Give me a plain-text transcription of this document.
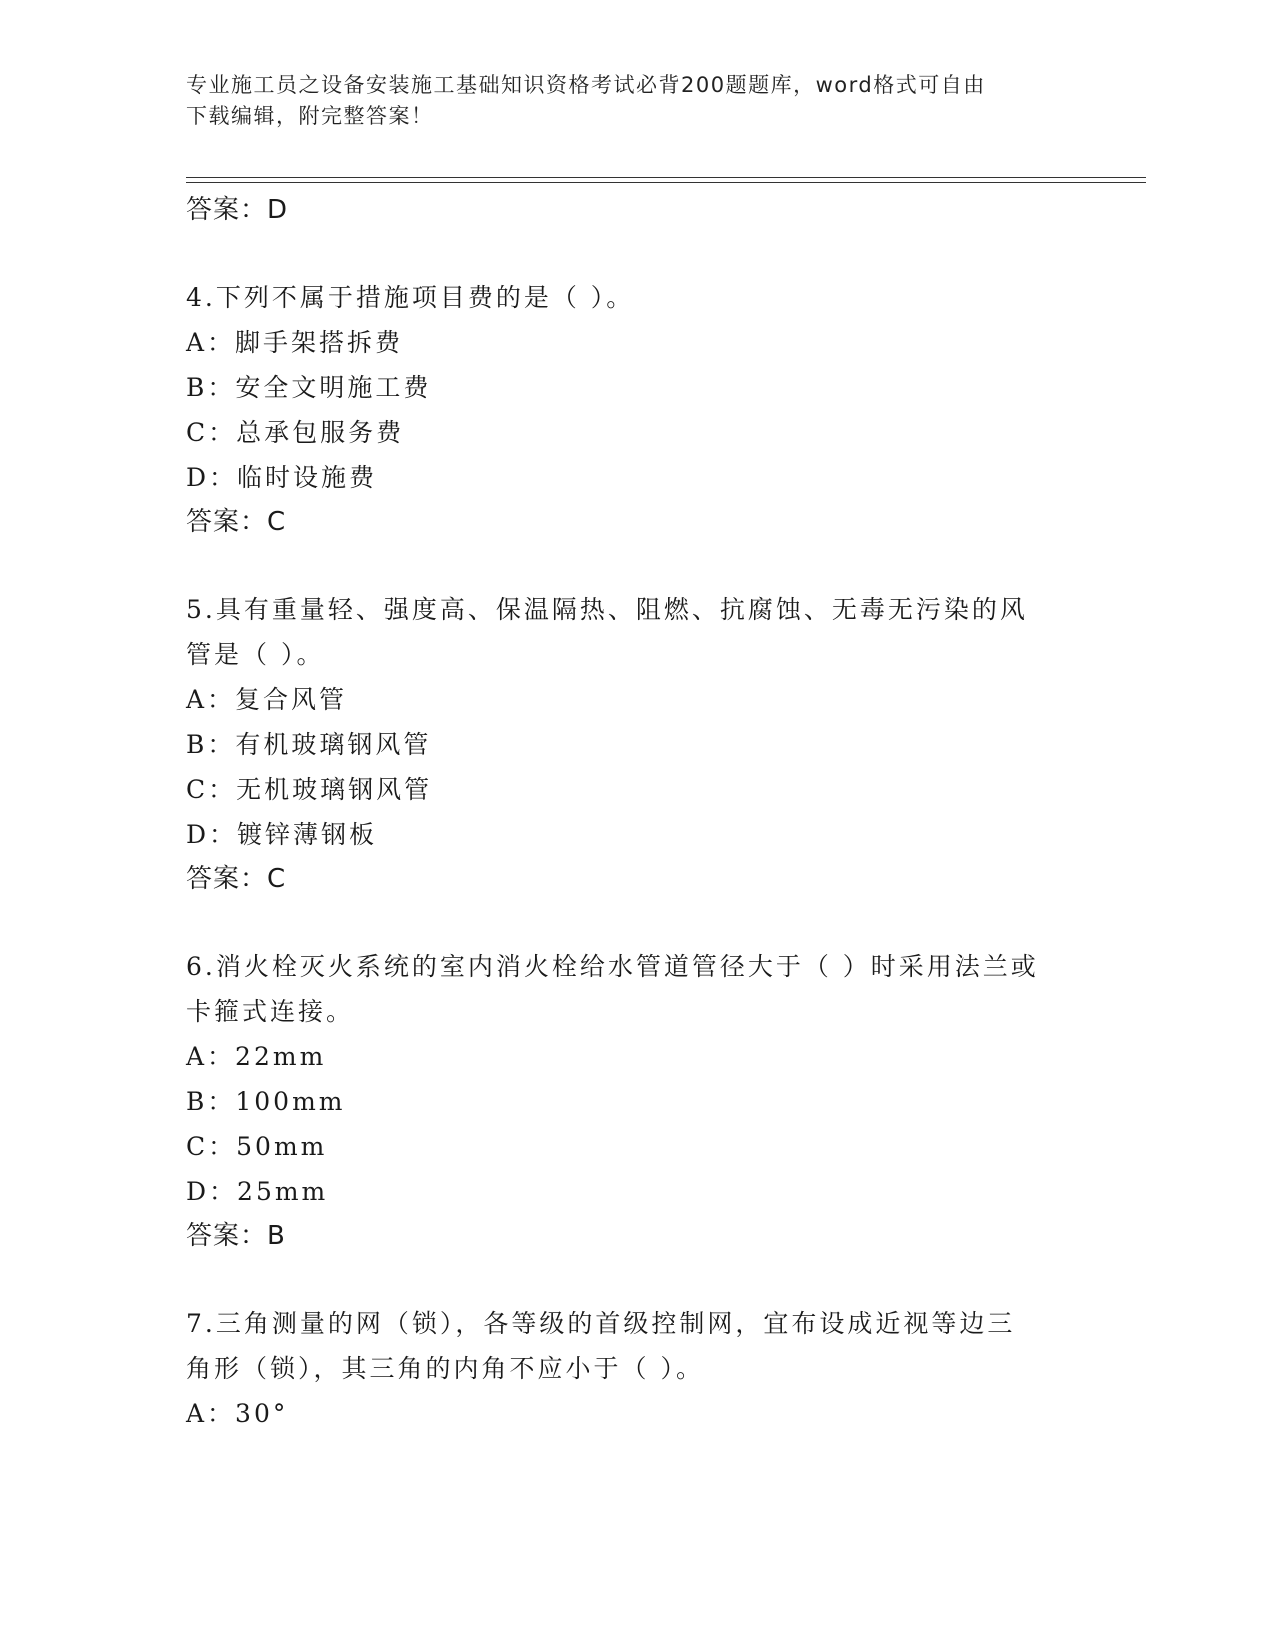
专业施工员之设备安装施工基础知识资格考试必背200题题库，word格式可自由
下载编辑，附完整答案！
答案：D
4.下列不属于措施项目费的是（ ）。
A：脚手架搭拆费
B：安全文明施工费
C：总承包服务费
D：临时设施费
答案：C
5.具有重量轻、强度高、保温隔热、阻燃、抗腐蚀、无毒无污染的风
管是（ ）。
A：复合风管
B：有机玻璃钢风管
C：无机玻璃钢风管
D：镀锌薄钢板
答案：C
6.消火栓灭火系统的室内消火栓给水管道管径大于（ ）时采用法兰或
卡箍式连接。
A：22mm
B：100mm
C：50mm
D：25mm
答案：B
7.三角测量的网（锁），各等级的首级控制网，宜布设成近视等边三
角形（锁），其三角的内角不应小于（ ）。
A：30°
